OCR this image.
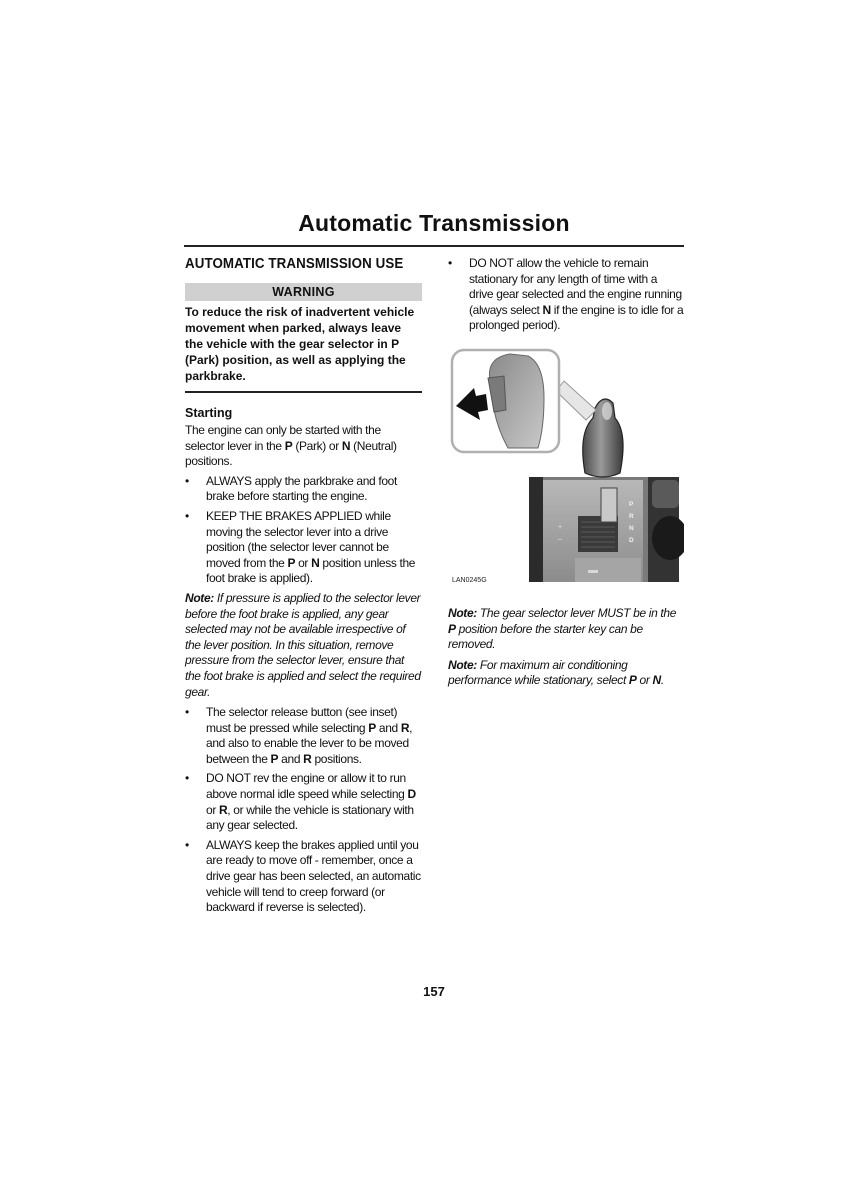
Automatic Transmission
AUTOMATIC TRANSMISSION USE
WARNING
To reduce the risk of inadvertent vehicle movement when parked, always leave the vehicle with the gear selector in P (Park) position, as well as applying the parkbrake.
Starting

The engine can only be started with the selector lever in the P (Park) or N (Neutral) positions.

•	ALWAYS apply the parkbrake and foot brake before starting the engine.
•	KEEP THE BRAKES APPLIED while moving the selector lever into a drive position (the selector lever cannot be moved from the P or N position unless the foot brake is applied).
Note: If pressure is applied to the selector lever before the foot brake is applied, any gear selected may not be available irrespective of the lever position. In this situation, remove pressure from the selector lever, ensure that the foot brake is applied and select the required gear.
•	The selector release button (see inset) must be pressed while selecting P and R, and also to enable the lever to be moved between the P and R positions.
•	DO NOT rev the engine or allow it to run above normal idle speed while selecting D or R, or while the vehicle is stationary with any gear selected.
•	ALWAYS keep the brakes applied until you are ready to move off - remember, once a drive gear has been selected, an automatic vehicle will tend to creep forward (or backward if reverse is selected).
•	DO NOT allow the vehicle to remain stationary for any length of time with a drive gear selected and the engine running (always select N if the engine is to idle for a prolonged period).
+
–
P
R
N
D
LAN0245G
Note: The gear selector lever MUST be in the P position before the starter key can be removed.
Note: For maximum air conditioning performance while stationary, select P or N.
157
